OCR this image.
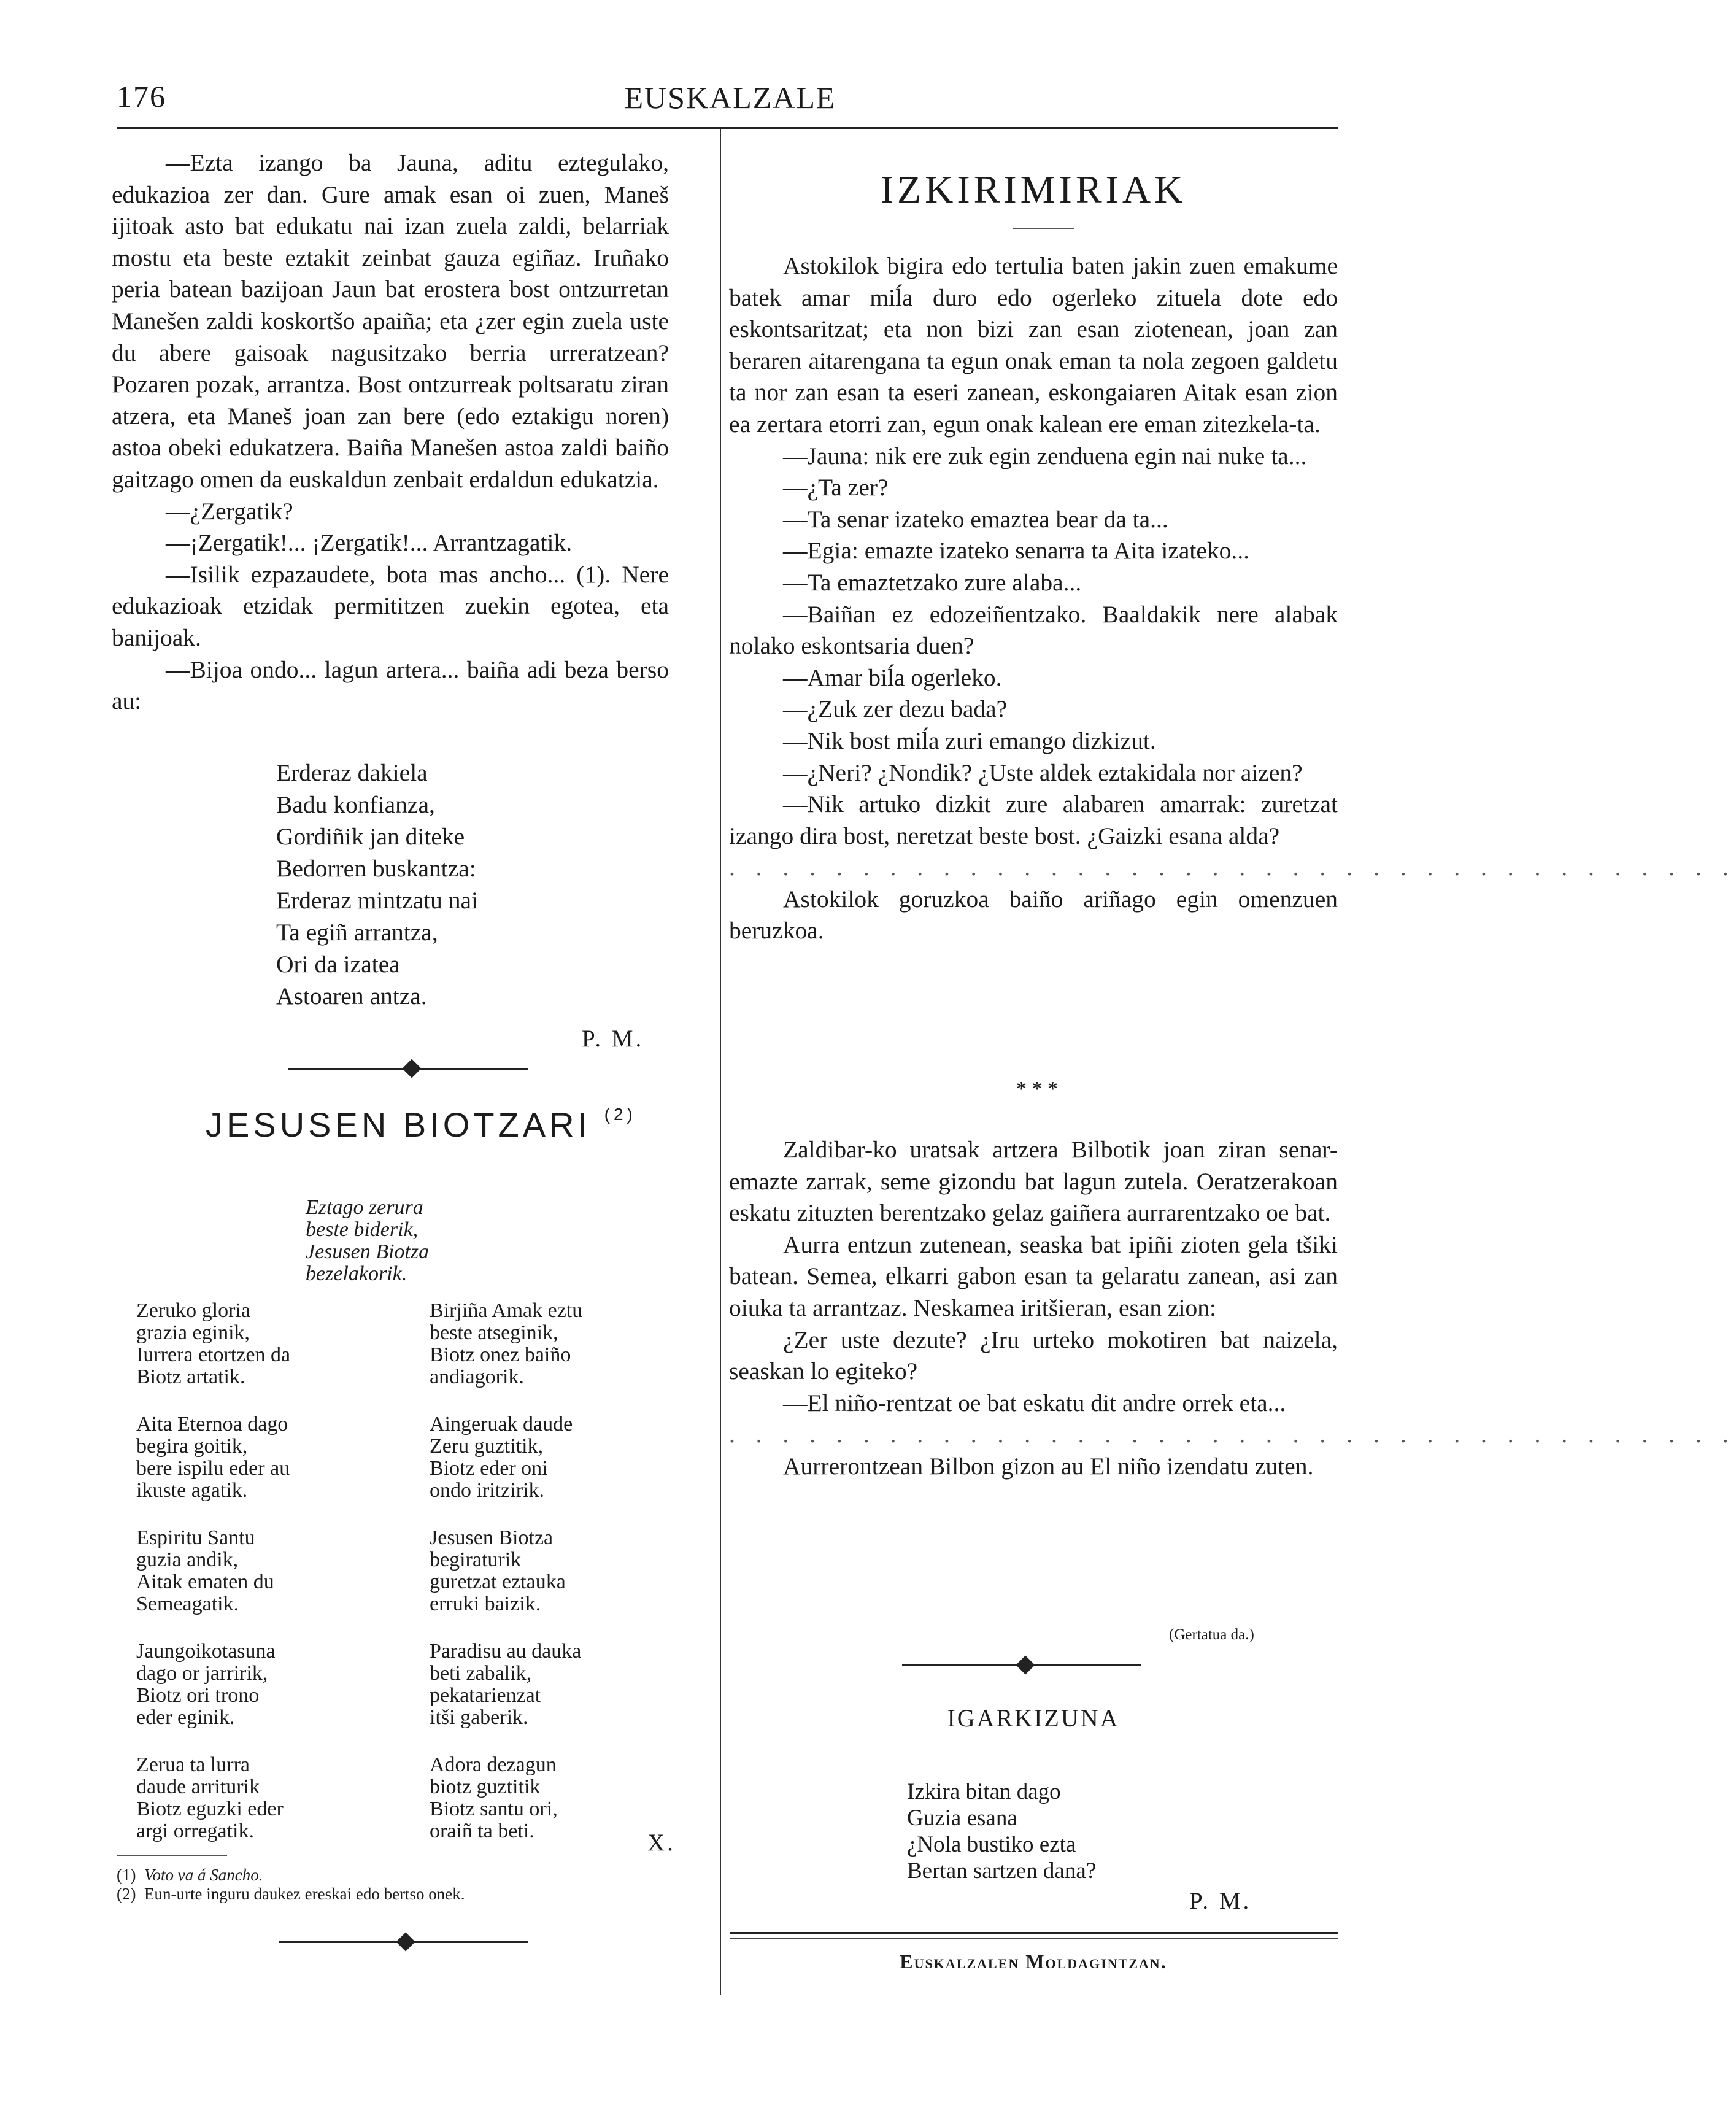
176	EUSKALZALE

—Ezta izango ba Jauna, aditu eztegulako, edukazioa zer dan. Gure amak esan oi zuen, Maneš ijitoak asto bat edukatu nai izan zuela zaldi, belarriak mostu eta beste eztakit zeinbat gauza egiñaz. Iruñako peria batean bazijoan Jaun bat erostera bost ontzurretan Manešen zaldi koskortšo apaiña; eta ¿zer egin zuela uste du abere gaisoak nagusitzako berria urreratzean? Pozaren pozak, arrantza. Bost ontzurreak poltsaratu ziran atzera, eta Maneš joan zan bere (edo eztakigu noren) astoa obeki edukatzera. Baiña Manešen astoa zaldi baiño gaitzago omen da euskaldun zenbait erdaldun edukatzia.

—¿Zergatik?

—¡Zergatik!... ¡Zergatik!... Arrantzagatik.

—Isilik ezpazaudete, bota mas ancho... (1). Nere edukazioak etzidak permititzen zuekin egotea, eta banijoak.

—Bijoa ondo... lagun artera... baiña adi beza berso au:

Erderaz dakiela
Badu konfianza,
Gordiñik jan diteke
Bedorren buskantza:
Erderaz mintzatu nai
Ta egiñ arrantza,
Ori da izatea
Astoaren antza.
P. M.
JESUSEN BIOTZARI $^{(2)}$
Eztago zerura
beste biderik,
Jesusen Biotza
bezelakorik.
Zeruko gloria
grazia eginik,
Iurrera etortzen da
Biotz artatik.
Aita Eternoa dago
begira goitik,
bere ispilu eder au
ikuste agatik.
Espiritu Santu
guzia andik,
Aitak ematen du
Semeagatik.
Jaungoikotasuna
dago or jarririk,
Biotz ori trono
eder eginik.
Zerua ta lurra
daude arriturik
Biotz eguzki eder
argi orregatik.
Birjiña Amak eztu
beste atseginik,
Biotz onez baiño
andiagorik.
Aingeruak daude
Zeru guztitik,
Biotz eder oni
ondo iritzirik.
Jesusen Biotza
begiraturik
guretzat eztauka
erruki baizik.
Paradisu au dauka
beti zabalik,
pekatarienzat
itši gaberik.
Adora dezagun
biotz guztitik
Biotz santu ori,
oraiñ ta beti.	X.
(1) Voto va á Sancho.
(2) Eun-urte inguru daukez ereskai edo bertso onek.
IZKIRIMIRIAK

Astokilok bigira edo tertulia baten jakin zuen emakume batek amar miĺa duro edo ogerleko zituela dote edo eskontsaritzat; eta non bizi zan esan ziotenean, joan zan beraren aitarengana ta egun onak eman ta nola zegoen galdetu ta nor zan esan ta eseri zanean, eskongaiaren Aitak esan zion ea zertara etorri zan, egun onak kalean ere eman zitezkela-ta.

—Jauna: nik ere zuk egin zenduena egin nai nuke ta...

—¿Ta zer?

—Ta senar izateko emaztea bear da ta...

—Egia: emazte izateko senarra ta Aita izateko...

—Ta emaztetzako zure alaba...

—Baiñan ez edozeiñentzako. Baaldakik nere alabak nolako eskontsaria duen?

—Amar biĺa ogerleko.

—¿Zuk zer dezu bada?

—Nik bost miĺa zuri emango dizkizut.

—¿Neri? ¿Nondik? ¿Uste aldek eztakidala nor aizen?

—Nik artuko dizkit zure alabaren amarrak: zuretzat izango dira bost, neretzat beste bost. ¿Gaizki esana alda?

. . . . . . . . . . . . . . . . . . . . . . . . . . . . . . . . . . . . . .

Astokilok goruzkoa baiño ariñago egin omenzuen beruzkoa.

* * *

Zaldibar-ko uratsak artzera Bilbotik joan ziran senar-emazte zarrak, seme gizondu bat lagun zutela. Oeratzerakoan eskatu zituzten berentzako gelaz gaiñera aurrarentzako oe bat.

Aurra entzun zutenean, seaska bat ipiñi zioten gela tšiki batean. Semea, elkarri gabon esan ta gelaratu zanean, asi zan oiuka ta arrantzaz. Neskamea iritšieran, esan zion:

¿Zer uste dezute? ¿Iru urteko mokotiren bat naizela, seaskan lo egiteko?

—El niño-rentzat oe bat eskatu dit andre orrek eta...

. . . . . . . . . . . . . . . . . . . . . . . . . . . . . . . . . . . . . .

Aurrerontzean Bilbon gizon au El niño izendatu zuten.

(Gertatua da.)
IGARKIZUNA
Izkira bitan dago
Guzia esana
¿Nola bustiko ezta
Bertan sartzen dana?
P. M.
Euskalzalen Moldagintzan.
